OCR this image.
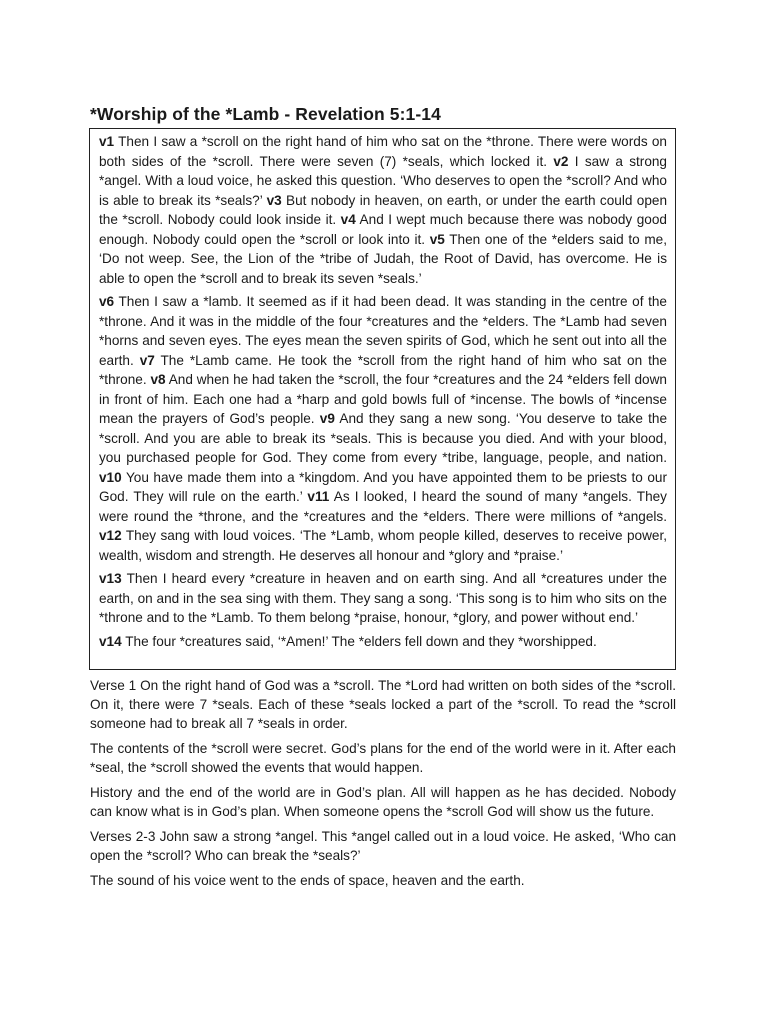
*Worship of the *Lamb - Revelation 5:1-14

v1 Then I saw a *scroll on the right hand of him who sat on the *throne. There were words on both sides of the *scroll. There were seven (7) *seals, which locked it. v2 I saw a strong *angel. With a loud voice, he asked this question. ‘Who deserves to open the *scroll? And who is able to break its *seals?’ v3 But nobody in heaven, on earth, or under the earth could open the *scroll. Nobody could look inside it. v4 And I wept much because there was nobody good enough. Nobody could open the *scroll or look into it. v5 Then one of the *elders said to me, ‘Do not weep. See, the Lion of the *tribe of Judah, the Root of David, has overcome. He is able to open the *scroll and to break its seven *seals.’

v6 Then I saw a *lamb. It seemed as if it had been dead. It was standing in the centre of the *throne. And it was in the middle of the four *creatures and the *elders. The *Lamb had seven *horns and seven eyes. The eyes mean the seven spirits of God, which he sent out into all the earth. v7 The *Lamb came. He took the *scroll from the right hand of him who sat on the *throne. v8 And when he had taken the *scroll, the four *creatures and the 24 *elders fell down in front of him. Each one had a *harp and gold bowls full of *incense. The bowls of *incense mean the prayers of God’s people. v9 And they sang a new song. ‘You deserve to take the *scroll. And you are able to break its *seals. This is because you died. And with your blood, you purchased people for God. They come from every *tribe, language, people, and nation. v10 You have made them into a *kingdom. And you have appointed them to be priests to our God. They will rule on the earth.’ v11 As I looked, I heard the sound of many *angels. They were round the *throne, and the *creatures and the *elders. There were millions of *angels. v12 They sang with loud voices. ‘The *Lamb, whom people killed, deserves to receive power, wealth, wisdom and strength. He deserves all honour and *glory and *praise.’

v13 Then I heard every *creature in heaven and on earth sing. And all *creatures under the earth, on and in the sea sing with them. They sang a song. ‘This song is to him who sits on the *throne and to the *Lamb. To them belong *praise, honour, *glory, and power without end.’

v14 The four *creatures said, ‘*Amen!’ The *elders fell down and they *worshipped.

Verse 1 On the right hand of God was a *scroll. The *Lord had written on both sides of the *scroll. On it, there were 7 *seals. Each of these *seals locked a part of the *scroll. To read the *scroll someone had to break all 7 *seals in order.

The contents of the *scroll were secret. God’s plans for the end of the world were in it. After each *seal, the *scroll showed the events that would happen.

History and the end of the world are in God’s plan. All will happen as he has decided. Nobody can know what is in God’s plan. When someone opens the *scroll God will show us the future.

Verses 2-3 John saw a strong *angel. This *angel called out in a loud voice. He asked, ‘Who can open the *scroll? Who can break the *seals?’

The sound of his voice went to the ends of space, heaven and the earth.
